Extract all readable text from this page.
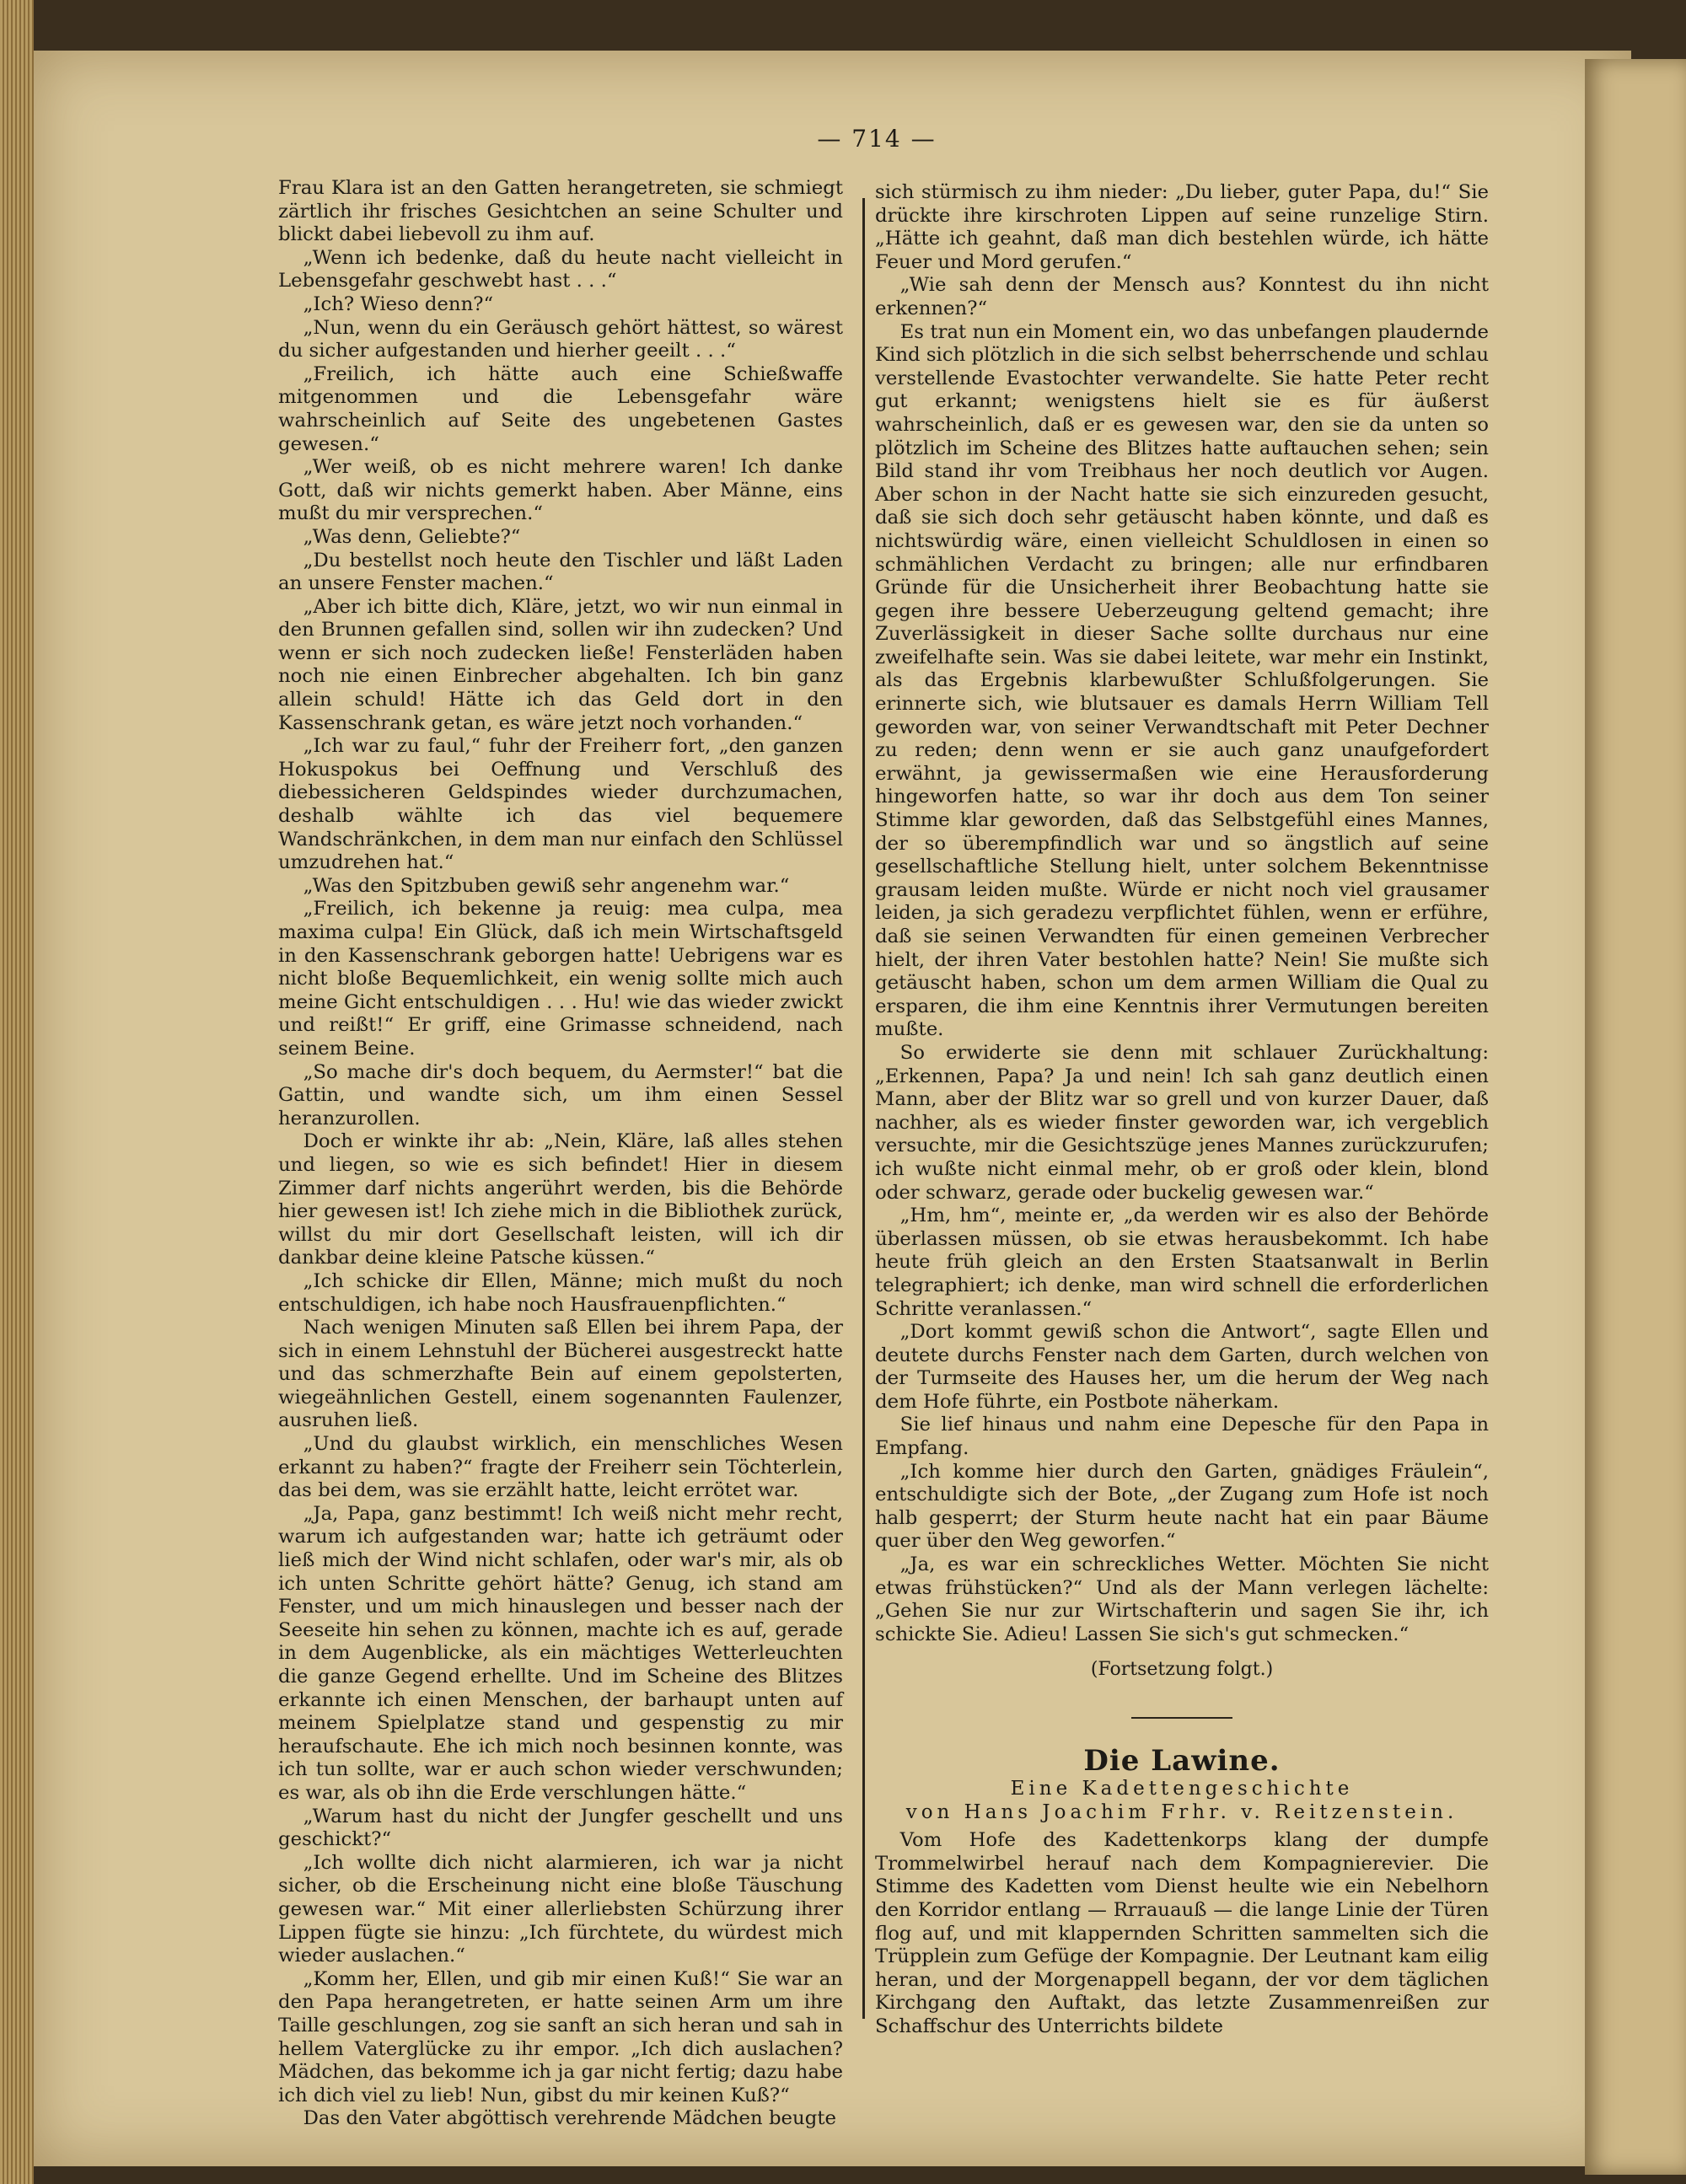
— 714 —

Frau Klara ist an den Gatten herangetreten, sie schmiegt zärtlich ihr frisches Gesichtchen an seine Schulter und blickt dabei liebevoll zu ihm auf.

„Wenn ich bedenke, daß du heute nacht vielleicht in Lebensgefahr geschwebt hast . . .“

„Ich? Wieso denn?“

„Nun, wenn du ein Geräusch gehört hättest, so wärest du sicher aufgestanden und hierher geeilt . . .“

„Freilich, ich hätte auch eine Schießwaffe mitgenommen und die Lebensgefahr wäre wahrscheinlich auf Seite des ungebetenen Gastes gewesen.“

„Wer weiß, ob es nicht mehrere waren! Ich danke Gott, daß wir nichts gemerkt haben. Aber Männe, eins mußt du mir versprechen.“

„Was denn, Geliebte?“

„Du bestellst noch heute den Tischler und läßt Laden an unsere Fenster machen.“

„Aber ich bitte dich, Kläre, jetzt, wo wir nun einmal in den Brunnen gefallen sind, sollen wir ihn zudecken? Und wenn er sich noch zudecken ließe! Fensterläden haben noch nie einen Einbrecher abgehalten. Ich bin ganz allein schuld! Hätte ich das Geld dort in den Kassenschrank getan, es wäre jetzt noch vorhanden.“

„Ich war zu faul,“ fuhr der Freiherr fort, „den ganzen Hokuspokus bei Oeffnung und Verschluß des diebessicheren Geldspindes wieder durchzumachen, deshalb wählte ich das viel bequemere Wandschränkchen, in dem man nur einfach den Schlüssel umzudrehen hat.“

„Was den Spitzbuben gewiß sehr angenehm war.“

„Freilich, ich bekenne ja reuig: mea culpa, mea maxima culpa! Ein Glück, daß ich mein Wirtschaftsgeld in den Kassenschrank geborgen hatte! Uebrigens war es nicht bloße Bequemlichkeit, ein wenig sollte mich auch meine Gicht entschuldigen . . . Hu! wie das wieder zwickt und reißt!“ Er griff, eine Grimasse schneidend, nach seinem Beine.

„So mache dir's doch bequem, du Aermster!“ bat die Gattin, und wandte sich, um ihm einen Sessel heranzurollen.

Doch er winkte ihr ab: „Nein, Kläre, laß alles stehen und liegen, so wie es sich befindet! Hier in diesem Zimmer darf nichts angerührt werden, bis die Behörde hier gewesen ist! Ich ziehe mich in die Bibliothek zurück, willst du mir dort Gesellschaft leisten, will ich dir dankbar deine kleine Patsche küssen.“

„Ich schicke dir Ellen, Männe; mich mußt du noch entschuldigen, ich habe noch Hausfrauenpflichten.“

Nach wenigen Minuten saß Ellen bei ihrem Papa, der sich in einem Lehnstuhl der Bücherei ausgestreckt hatte und das schmerzhafte Bein auf einem gepolsterten, wiegeähnlichen Gestell, einem sogenannten Faulenzer, ausruhen ließ.

„Und du glaubst wirklich, ein menschliches Wesen erkannt zu haben?“ fragte der Freiherr sein Töchterlein, das bei dem, was sie erzählt hatte, leicht errötet war.

„Ja, Papa, ganz bestimmt! Ich weiß nicht mehr recht, warum ich aufgestanden war; hatte ich geträumt oder ließ mich der Wind nicht schlafen, oder war's mir, als ob ich unten Schritte gehört hätte? Genug, ich stand am Fenster, und um mich hinauslegen und besser nach der Seeseite hin sehen zu können, machte ich es auf, gerade in dem Augenblicke, als ein mächtiges Wetterleuchten die ganze Gegend erhellte. Und im Scheine des Blitzes erkannte ich einen Menschen, der barhaupt unten auf meinem Spielplatze stand und gespenstig zu mir heraufschaute. Ehe ich mich noch besinnen konnte, was ich tun sollte, war er auch schon wieder verschwunden; es war, als ob ihn die Erde verschlungen hätte.“

„Warum hast du nicht der Jungfer geschellt und uns geschickt?“

„Ich wollte dich nicht alarmieren, ich war ja nicht sicher, ob die Erscheinung nicht eine bloße Täuschung gewesen war.“ Mit einer allerliebsten Schürzung ihrer Lippen fügte sie hinzu: „Ich fürchtete, du würdest mich wieder auslachen.“

„Komm her, Ellen, und gib mir einen Kuß!“ Sie war an den Papa herangetreten, er hatte seinen Arm um ihre Taille geschlungen, zog sie sanft an sich heran und sah in hellem Vaterglücke zu ihr empor. „Ich dich auslachen? Mädchen, das bekomme ich ja gar nicht fertig; dazu habe ich dich viel zu lieb! Nun, gibst du mir keinen Kuß?“

Das den Vater abgöttisch verehrende Mädchen beugte

sich stürmisch zu ihm nieder: „Du lieber, guter Papa, du!“ Sie drückte ihre kirschroten Lippen auf seine runzelige Stirn. „Hätte ich geahnt, daß man dich bestehlen würde, ich hätte Feuer und Mord gerufen.“

„Wie sah denn der Mensch aus? Konntest du ihn nicht erkennen?“

Es trat nun ein Moment ein, wo das unbefangen plaudernde Kind sich plötzlich in die sich selbst beherrschende und schlau verstellende Evastochter verwandelte. Sie hatte Peter recht gut erkannt; wenigstens hielt sie es für äußerst wahrscheinlich, daß er es gewesen war, den sie da unten so plötzlich im Scheine des Blitzes hatte auftauchen sehen; sein Bild stand ihr vom Treibhaus her noch deutlich vor Augen. Aber schon in der Nacht hatte sie sich einzureden gesucht, daß sie sich doch sehr getäuscht haben könnte, und daß es nichtswürdig wäre, einen vielleicht Schuldlosen in einen so schmählichen Verdacht zu bringen; alle nur erfindbaren Gründe für die Unsicherheit ihrer Beobachtung hatte sie gegen ihre bessere Ueberzeugung geltend gemacht; ihre Zuverlässigkeit in dieser Sache sollte durchaus nur eine zweifelhafte sein. Was sie dabei leitete, war mehr ein Instinkt, als das Ergebnis klarbewußter Schlußfolgerungen. Sie erinnerte sich, wie blutsauer es damals Herrn William Tell geworden war, von seiner Verwandtschaft mit Peter Dechner zu reden; denn wenn er sie auch ganz unaufgefordert erwähnt, ja gewissermaßen wie eine Herausforderung hingeworfen hatte, so war ihr doch aus dem Ton seiner Stimme klar geworden, daß das Selbstgefühl eines Mannes, der so überempfindlich war und so ängstlich auf seine gesellschaftliche Stellung hielt, unter solchem Bekenntnisse grausam leiden mußte. Würde er nicht noch viel grausamer leiden, ja sich geradezu verpflichtet fühlen, wenn er erführe, daß sie seinen Verwandten für einen gemeinen Verbrecher hielt, der ihren Vater bestohlen hatte? Nein! Sie mußte sich getäuscht haben, schon um dem armen William die Qual zu ersparen, die ihm eine Kenntnis ihrer Vermutungen bereiten mußte.

So erwiderte sie denn mit schlauer Zurückhaltung: „Erkennen, Papa? Ja und nein! Ich sah ganz deutlich einen Mann, aber der Blitz war so grell und von kurzer Dauer, daß nachher, als es wieder finster geworden war, ich vergeblich versuchte, mir die Gesichtszüge jenes Mannes zurückzurufen; ich wußte nicht einmal mehr, ob er groß oder klein, blond oder schwarz, gerade oder buckelig gewesen war.“

„Hm, hm“, meinte er, „da werden wir es also der Behörde überlassen müssen, ob sie etwas herausbekommt. Ich habe heute früh gleich an den Ersten Staatsanwalt in Berlin telegraphiert; ich denke, man wird schnell die erforderlichen Schritte veranlassen.“

„Dort kommt gewiß schon die Antwort“, sagte Ellen und deutete durchs Fenster nach dem Garten, durch welchen von der Turmseite des Hauses her, um die herum der Weg nach dem Hofe führte, ein Postbote näherkam.

Sie lief hinaus und nahm eine Depesche für den Papa in Empfang.

„Ich komme hier durch den Garten, gnädiges Fräulein“, entschuldigte sich der Bote, „der Zugang zum Hofe ist noch halb gesperrt; der Sturm heute nacht hat ein paar Bäume quer über den Weg geworfen.“

„Ja, es war ein schreckliches Wetter. Möchten Sie nicht etwas frühstücken?“ Und als der Mann verlegen lächelte: „Gehen Sie nur zur Wirtschafterin und sagen Sie ihr, ich schickte Sie. Adieu! Lassen Sie sich's gut schmecken.“

(Fortsetzung folgt.)

Die Lawine.

Eine Kadettengeschichte

von Hans Joachim Frhr. v. Reitzenstein.

Vom Hofe des Kadettenkorps klang der dumpfe Trommelwirbel herauf nach dem Kompagnierevier. Die Stimme des Kadetten vom Dienst heulte wie ein Nebelhorn den Korridor entlang — Rrrauauß — die lange Linie der Türen flog auf, und mit klappernden Schritten sammelten sich die Trüpplein zum Gefüge der Kompagnie. Der Leutnant kam eilig heran, und der Morgenappell begann, der vor dem täglichen Kirchgang den Auftakt, das letzte Zusammenreißen zur Schaffschur des Unterrichts bildete
